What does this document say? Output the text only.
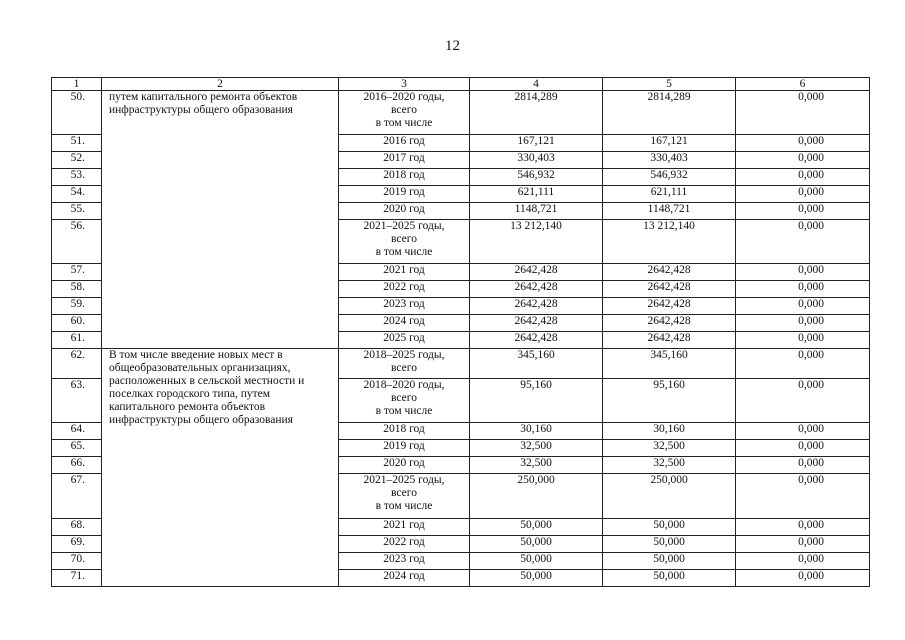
12
1	2	3	4	5	6
50.	путем капитального ремонта объектов инфраструктуры общего образования	2016–2020 годы,
всего
в том числе	2814,289	2814,289	0,000
51.		2016 год	167,121	167,121	0,000
52.		2017 год	330,403	330,403	0,000
53.		2018 год	546,932	546,932	0,000
54.		2019 год	621,111	621,111	0,000
55.		2020 год	1148,721	1148,721	0,000
56.		2021–2025 годы,
всего
в том числе	13 212,140	13 212,140	0,000
57.		2021 год	2642,428	2642,428	0,000
58.		2022 год	2642,428	2642,428	0,000
59.		2023 год	2642,428	2642,428	0,000
60.		2024 год	2642,428	2642,428	0,000
61.		2025 год	2642,428	2642,428	0,000
62.	В том числе введение новых мест в общеобразовательных организациях, расположенных в сельской местности и поселках городского типа, путем капитального ремонта объектов инфраструктуры общего образования	2018–2025 годы,
всего	345,160	345,160	0,000
63.		2018–2020 годы,
всего
в том числе	95,160	95,160	0,000
64.		2018 год	30,160	30,160	0,000
65.		2019 год	32,500	32,500	0,000
66.		2020 год	32,500	32,500	0,000
67.		2021–2025 годы,
всего
в том числе	250,000	250,000	0,000
68.		2021 год	50,000	50,000	0,000
69.		2022 год	50,000	50,000	0,000
70.		2023 год	50,000	50,000	0,000
71.		2024 год	50,000	50,000	0,000
